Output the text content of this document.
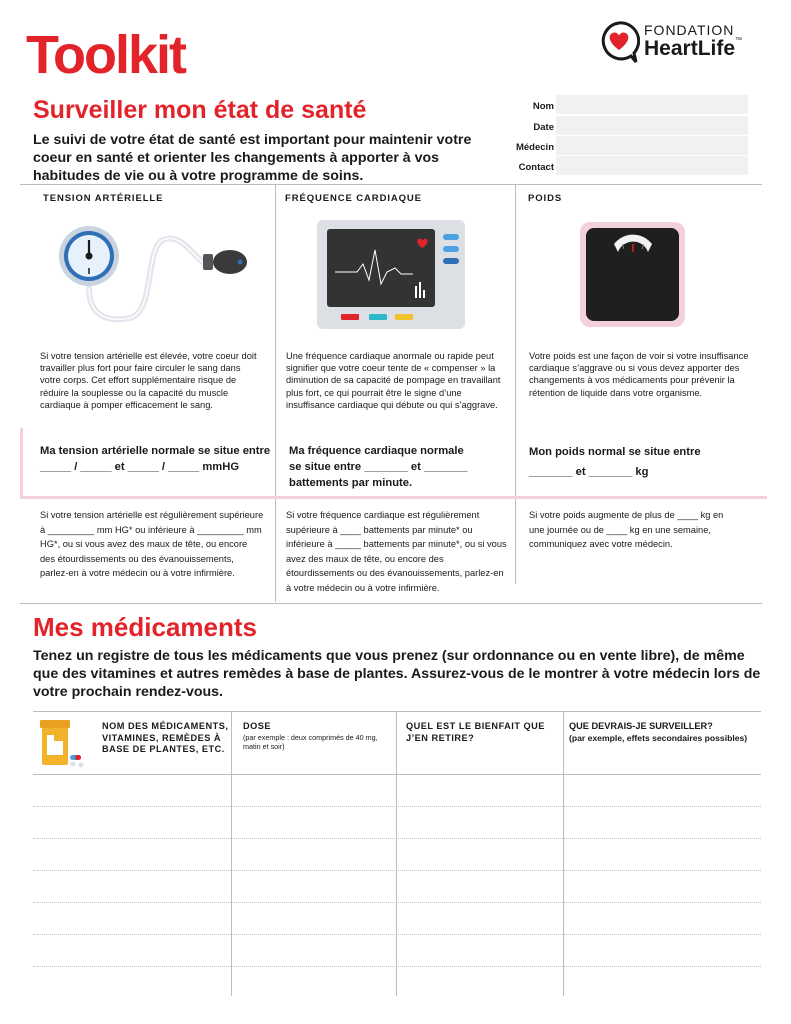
Toolkit	FONDATION
HeartLife™
Surveiller mon état de santé
Le suivi de votre état de santé est important pour maintenir votre coeur en santé et orienter les changements à apporter à vos habitudes de vie ou à votre programme de soins.
Nom
Date
Médecin
Contact
TENSION ARTÉRIELLE
Si votre tension artérielle est élevée, votre coeur doit travailler plus fort pour faire circuler le sang dans votre corps. Cet effort supplémentaire risque de réduire la souplesse ou la capacité du muscle cardiaque à pomper efficacement le sang.
Ma tension artérielle normale se situe entre
_____ / _____ et _____ / _____ mmHG
Si votre tension artérielle est régulièrement supérieure à _________ mm HG* ou inférieure à _________ mm HG*, ou si vous avez des maux de tête, ou encore des étourdissements ou des évanouissements, parlez-en à votre médecin ou à votre infirmière.
FRÉQUENCE CARDIAQUE
Une fréquence cardiaque anormale ou rapide peut signifier que votre coeur tente de « compenser » la diminution de sa capacité de pompage en travaillant plus fort, ce qui pourrait être le signe d’une insuffisance cardiaque qui débute ou qui s’aggrave.
Ma fréquence cardiaque normale
se situe entre _______ et _______
battements par minute.
Si votre fréquence cardiaque est régulièrement supérieure à ____ battements par minute* ou inférieure à _____ battements par minute*, ou si vous avez des maux de tête, ou encore des étourdissements ou des évanouissements, parlez-en à votre médecin ou à votre infirmière.
POIDS
Votre poids est une façon de voir si votre insuffisance cardiaque s’aggrave ou si vous devez apporter des changements à vos médicaments pour prévenir la rétention de liquide dans votre organisme.
Mon poids normal se situe entre
_______ et _______ kg
Si votre poids augmente de plus de ____ kg en une journée ou de ____ kg en une semaine, communiquez avec votre médecin.
Mes médicaments
Tenez un registre de tous les médicaments que vous prenez (sur ordonnance ou en vente libre), de même que des vitamines et autres remèdes à base de plantes. Assurez-vous de le montrer à votre médecin lors de votre prochain rendez-vous.
NOM DES MÉDICAMENTS, VITAMINES, REMÈDES À BASE DE PLANTES, ETC.
DOSE
(par exemple : deux comprimés de 40 mg, matin et soir)
QUEL EST LE BIENFAIT QUE J’EN RETIRE?
QUE DEVRAIS-JE SURVEILLER?
(par exemple, effets secondaires possibles)
